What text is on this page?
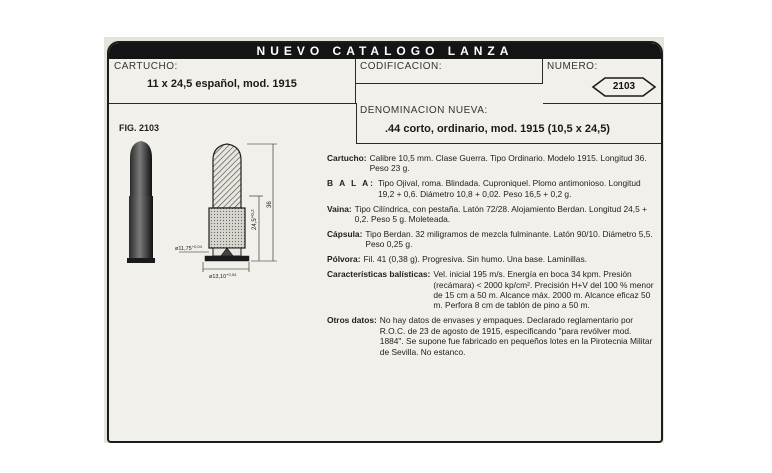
NUEVO CATALOGO LANZA
CARTUCHO:
11 x 24,5 español, mod. 1915
CODIFICACION:	NUMERO:
2103
DENOMINACION NUEVA:
.44 corto, ordinario, mod. 1915 (10,5 x 24,5)
FIG. 2103
$24,5^{+0,2}$
36
$ø11,75^{+0,04}$
$ø13,10^{+0,04}$
Cartucho: Calibre 10,5 mm. Clase Guerra. Tipo Ordinario. Modelo 1915. Longitud 36. Peso 23 g.
B A L A: Tipo Ojival, roma. Blindada. Cuproniquel. Plomo antimonioso. Longitud 19,2 + 0,6. Diámetro 10,8 + 0,02. Peso 16,5 + 0,2 g.
Vaina: Tipo Cilíndrica, con pestaña. Latón 72/28. Alojamiento Berdan. Longitud 24,5 + 0,2. Peso 5 g. Moleteada.
Cápsula: Tipo Berdan. 32 miligramos de mezcla fulminante. Latón 90/10. Diámetro 5,5. Peso 0,25 g.
Pólvora: Fil. 41 (0,38 g). Progresiva. Sin humo. Una base. Laminillas.
Características balísticas: Vel. inicial 195 m/s. Energía en boca 34 kpm. Presión (recámara) < 2000 kp/cm². Precisión H+V del 100 % menor de 15 cm a 50 m. Alcance máx. 2000 m. Alcance eficaz 50 m. Perfora 8 cm de tablón de pino a 50 m.
Otros datos: No hay datos de envases y empaques. Declarado reglamentario por R.O.C. de 23 de agosto de 1915, especificando "para revólver mod. 1884". Se supone fue fabricado en pequeños lotes en la Pirotecnia Militar de Sevilla. No estanco.
